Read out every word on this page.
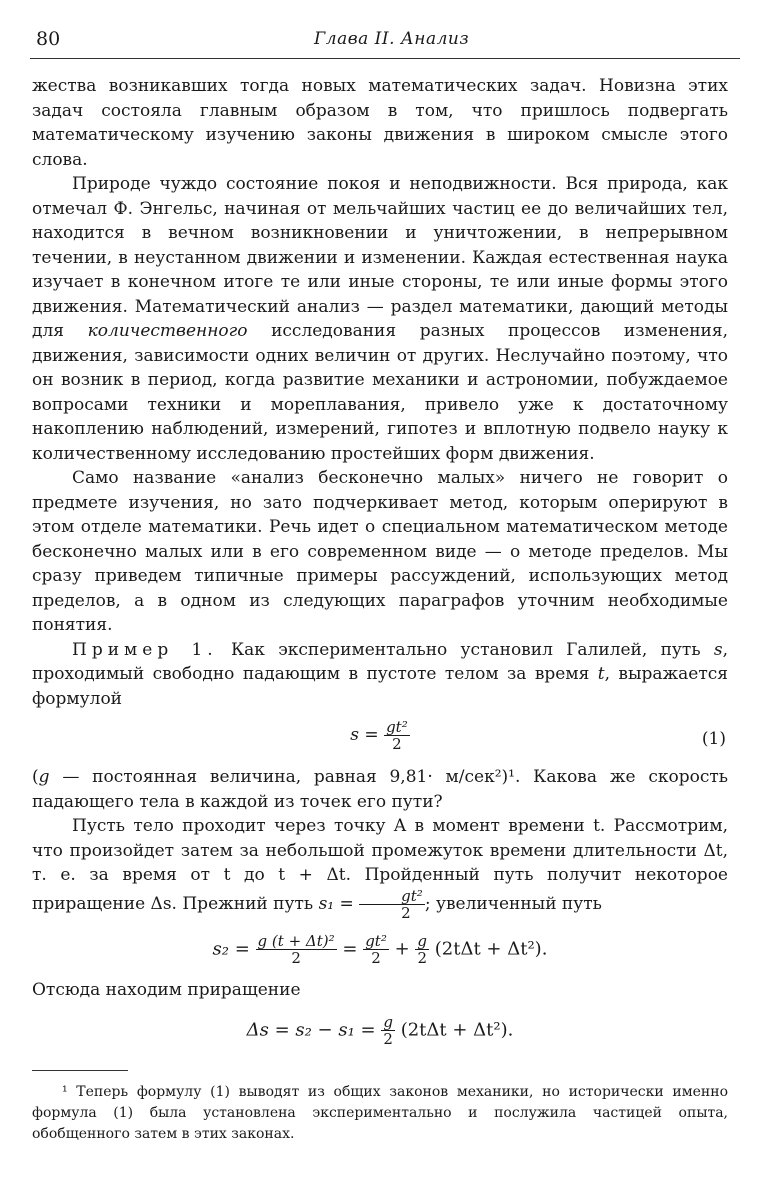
80	Глава II. Анализ

жества возникавших тогда новых математических задач. Новизна этих задач состояла главным образом в том, что пришлось подвергать математическому изучению законы движения в широком смысле этого слова.

Природе чуждо состояние покоя и неподвижности. Вся природа, как отмечал Ф. Энгельс, начиная от мельчайших частиц ее до величайших тел, находится в вечном возникновении и уничтожении, в непрерывном течении, в неустанном движении и изменении. Каждая естественная наука изучает в конечном итоге те или иные стороны, те или иные формы этого движения. Математический анализ — раздел математики, дающий методы для количественного исследования разных процессов изменения, движения, зависимости одних величин от других. Неслучайно поэтому, что он возник в период, когда развитие механики и астрономии, побуждаемое вопросами техники и мореплавания, привело уже к достаточному накоплению наблюдений, измерений, гипотез и вплотную подвело науку к количественному исследованию простейших форм движения.

Само название «анализ бесконечно малых» ничего не говорит о предмете изучения, но зато подчеркивает метод, которым оперируют в этом отделе математики. Речь идет о специальном математическом методе бесконечно малых или в его современном виде — о методе пределов. Мы сразу приведем типичные примеры рассуждений, использующих метод пределов, а в одном из следующих параграфов уточним необходимые понятия.

Пример 1. Как экспериментально установил Галилей, путь s, проходимый свободно падающим в пустоте телом за время t, выражается формулой

$s = \frac{\text{gt²}}{2}$	(1)

(g — постоянная величина, равная 9,81· м/сек²)¹. Какова же скорость падающего тела в каждой из точек его пути?

Пусть тело проходит через точку A в момент времени t. Рассмотрим, что произойдет затем за небольшой промежуток времени длительности Δt, т. е. за время от t до t + Δt. Пройденный путь получит некоторое приращение Δs. Прежний путь $s_1 = \frac{\text{gt²}}{2}$ ; увеличенный путь

$s_2 = \frac{\text{g (t + Δt)²}}{2} = \frac{\text{gt²}}{2} + \frac{g}{2} (2t\Delta t + \Delta t^2)$.

Отсюда находим приращение

$\Delta s = s_2 - s_1 = \frac{g}{2} (2t\Delta t + \Delta t^2)$.

¹ Теперь формулу (1) выводят из общих законов механики, но исторически именно формула (1) была установлена экспериментально и послужила частицей опыта, обобщенного затем в этих законах.
